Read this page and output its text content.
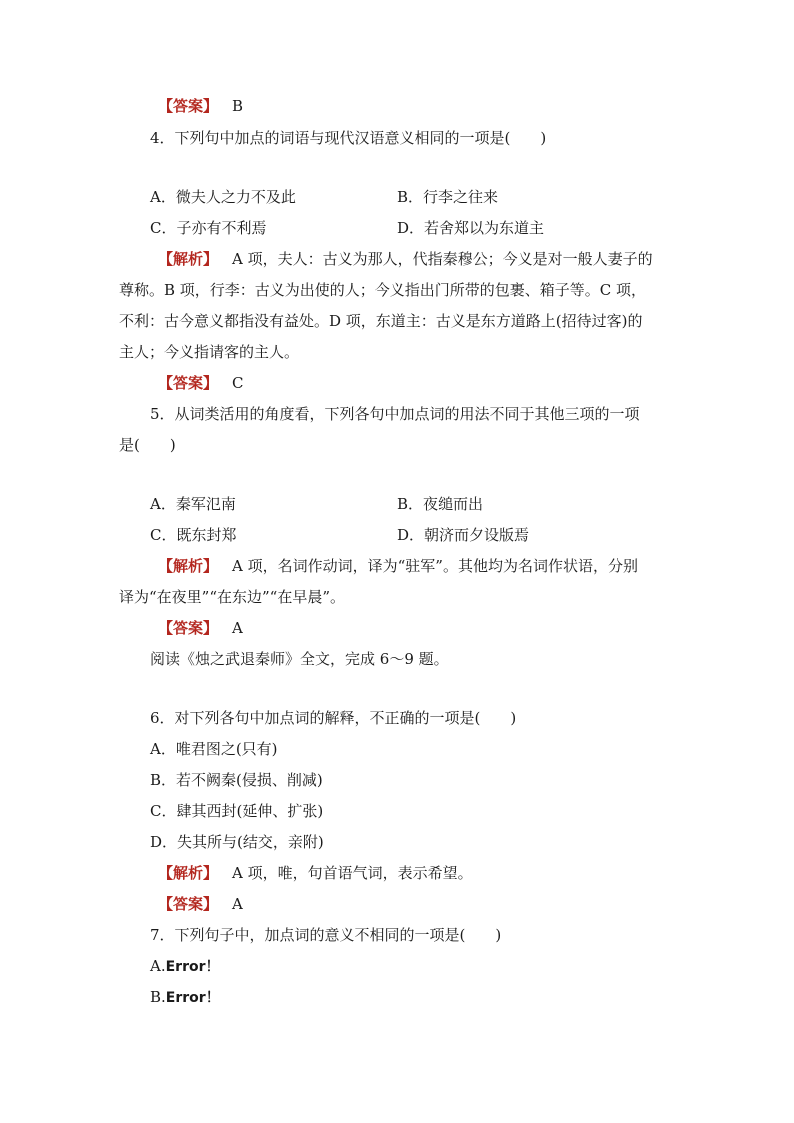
【答案】 B
4．下列句中加点的词语与现代汉语意义相同的一项是(　　)
A．微夫人之力不及此	B．行李之往来
C．子亦有不利焉	D．若舍郑以为东道主
【解析】 A 项，夫人：古义为那人，代指秦穆公；今义是对一般人妻子的
尊称。B 项，行李：古义为出使的人；今义指出门所带的包裹、箱子等。C 项，
不利：古今意义都指没有益处。D 项，东道主：古义是东方道路上(招待过客)的
主人；今义指请客的主人。
【答案】 C
5．从词类活用的角度看，下列各句中加点词的用法不同于其他三项的一项
是(　　)
A．秦军氾南	B．夜缒而出
C．既东封郑	D．朝济而夕设版焉
【解析】 A 项，名词作动词，译为“驻军”。其他均为名词作状语，分别
译为“在夜里”“在东边”“在早晨”。
【答案】 A
阅读《烛之武退秦师》全文，完成 6～9 题。
6．对下列各句中加点词的解释，不正确的一项是(　　)
A．唯君图之(只有)
B．若不阙秦(侵损、削减)
C．肆其西封(延伸、扩张)
D．失其所与(结交，亲附)
【解析】 A 项，唯，句首语气词，表示希望。
【答案】 A
7．下列句子中，加点词的意义不相同的一项是(　　)
A.Error！
B.Error！
